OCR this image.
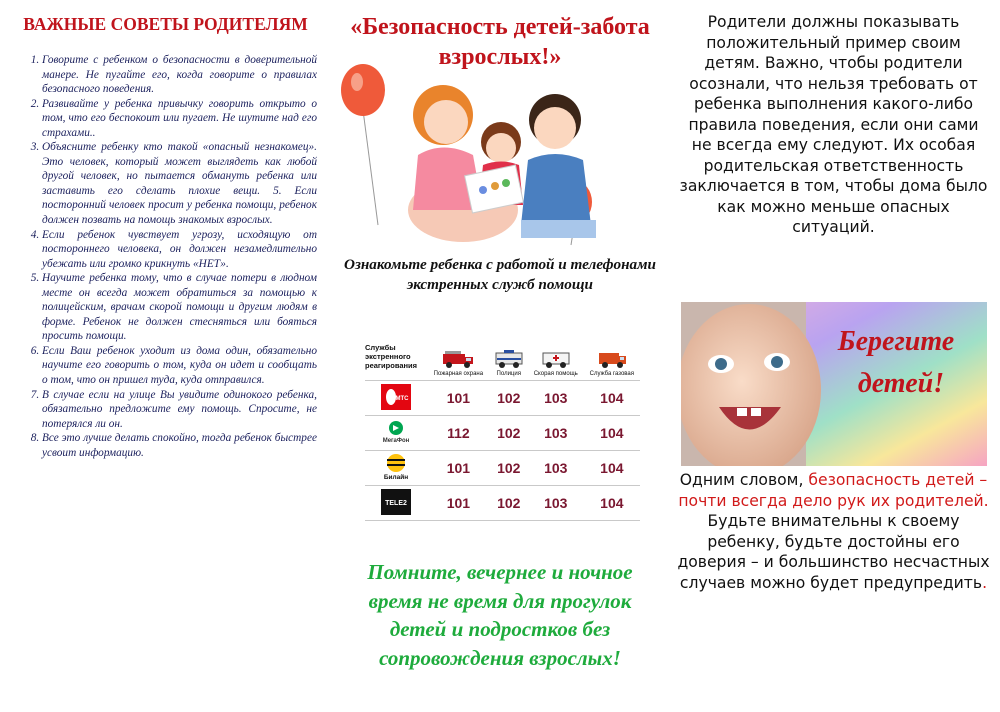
ВАЖНЫЕ СОВЕТЫ РОДИТЕЛЯМ
1. Говорите с ребенком о безопасности в доверительной манере. Не пугайте его, когда говорите о правилах безопасного поведения.
2. Развивайте у ребенка привычку говорить открыто о том, что его беспокоит или пугает. Не шутите над его страхами..
3. Объясните ребенку кто такой «опасный незнакомец». Это человек, который может выглядеть как любой другой человек, но пытается обмануть ребенка или заставить его сделать плохие вещи. 5. Если посторонний человек просит у ребенка помощи, ребенок должен позвать на помощь знакомых взрослых.
4. Если ребенок чувствует угрозу, исходящую от постороннего человека, он должен незамедлительно убежать или громко крикнуть «НЕТ».
5. Научите ребенка тому, что в случае потери в людном месте он всегда может обратиться за помощью к полицейским, врачам скорой помощи и другим людям в форме. Ребенок не должен стесняться или бояться просить помощи.
6. Если Ваш ребенок уходит из дома один, обязательно научите его говорить о том, куда он идет и сообщать о том, что он пришел туда, куда отправился.
7. В случае если на улице Вы увидите одинокого ребенка, обязательно предложите ему помощь. Спросите, не потерялся ли он.
8. Все это лучше делать спокойно, тогда ребенок быстрее усвоит информацию.
«Безопасность детей-забота взрослых!»
Ознакомьте ребенка с работой и телефонами экстренных служб помощи
Службы экстренного реагирования	Пожарная охрана	Полиция	Скорая помощь	Служба газовая

МТС	101	102	103	104

МегаФон	112	102	103	104

Билайн	101	102	103	104

TELE2	101	102	103	104
Помните, вечернее и ночное время не время для прогулок детей и подростков без сопровождения взрослых!
Родители должны показывать положительный пример своим детям. Важно, чтобы родители осознали, что нельзя требовать от ребенка выполнения какого-либо правила поведения, если они сами не всегда ему следуют. Их особая родительская ответственность заключается в том, чтобы дома было как можно меньше опасных ситуаций.
Берегите
детей!
Одним словом, безопасность детей – почти всегда дело рук их родителей. Будьте внимательны к своему ребенку, будьте достойны его доверия – и большинство несчастных случаев можно будет предупредить.
